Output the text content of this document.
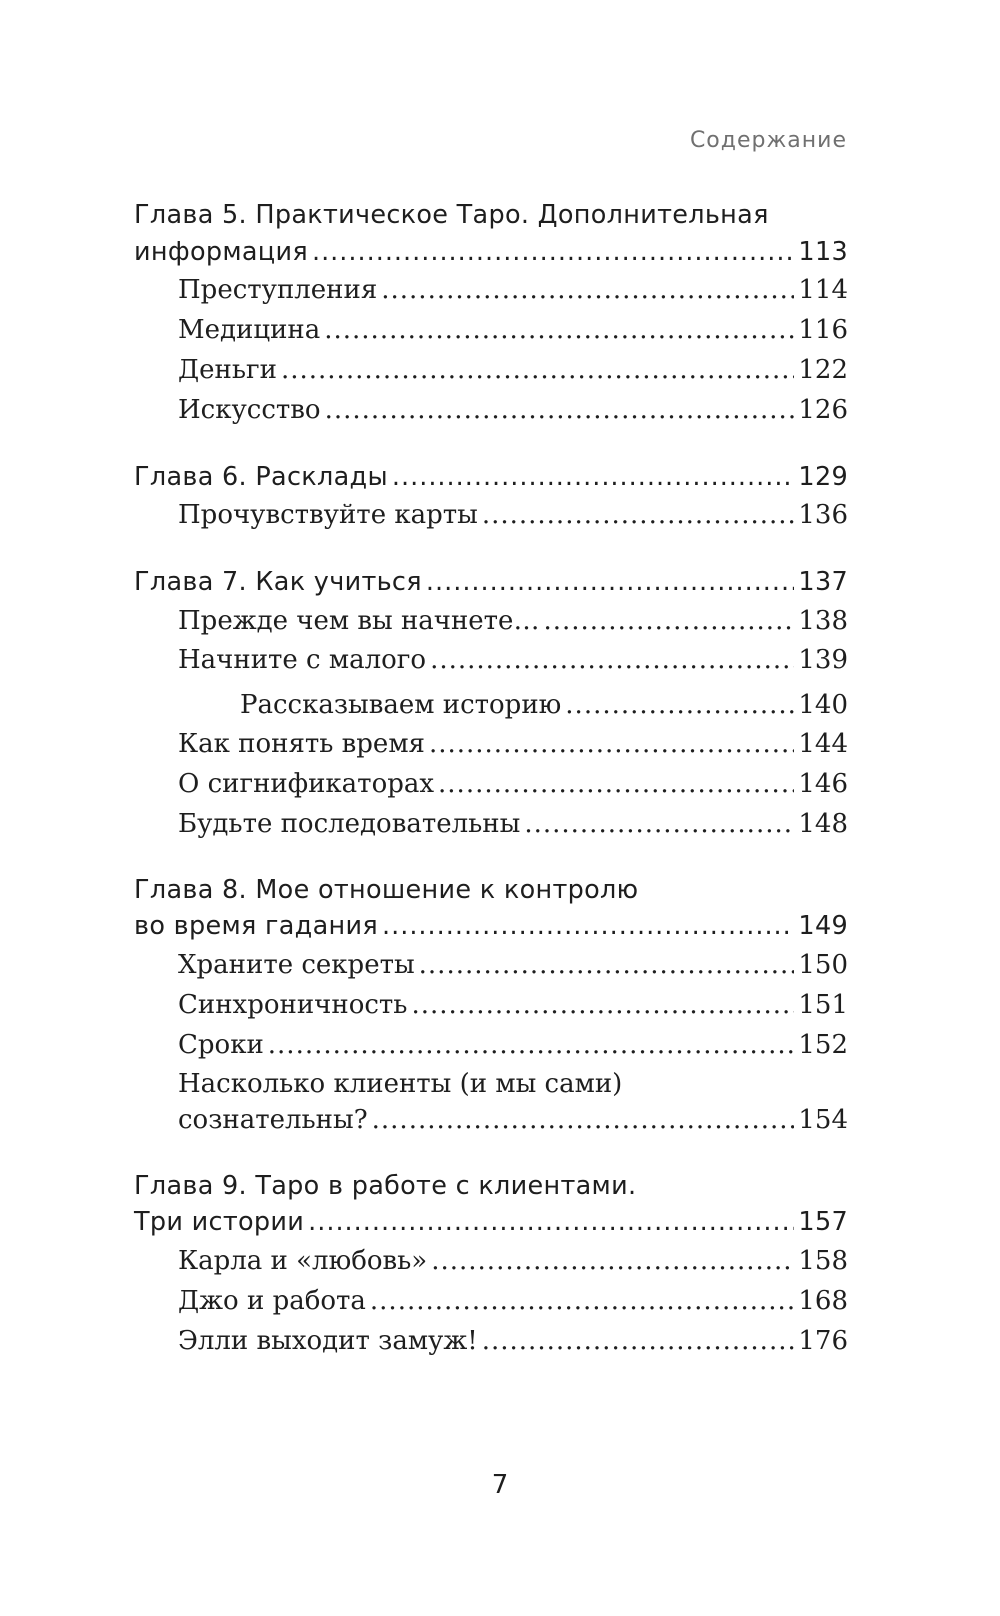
Содержание
Глава 5. Практическое Таро. Дополнительная
информация .....	113
Преступления .....	114
Медицина .....	116
Деньги .....	122
Искусство .....	126
Глава 6. Расклады .....	129
Прочувствуйте карты .....	136
Глава 7. Как учиться .....	137
Прежде чем вы начнете… .....	138
Начните с малого .....	139
Рассказываем историю .....	140
Как понять время .....	144
О сигнификаторах .....	146
Будьте последовательны .....	148
Глава 8. Мое отношение к контролю
во время гадания .....	149
Храните секреты .....	150
Синхроничность .....	151
Сроки .....	152
Насколько клиенты (и мы сами)
сознательны? .....	154
Глава 9. Таро в работе с клиентами.
Три истории .....	157
Карла и «любовь» .....	158
Джо и работа .....	168
Элли выходит замуж! .....	176
7
